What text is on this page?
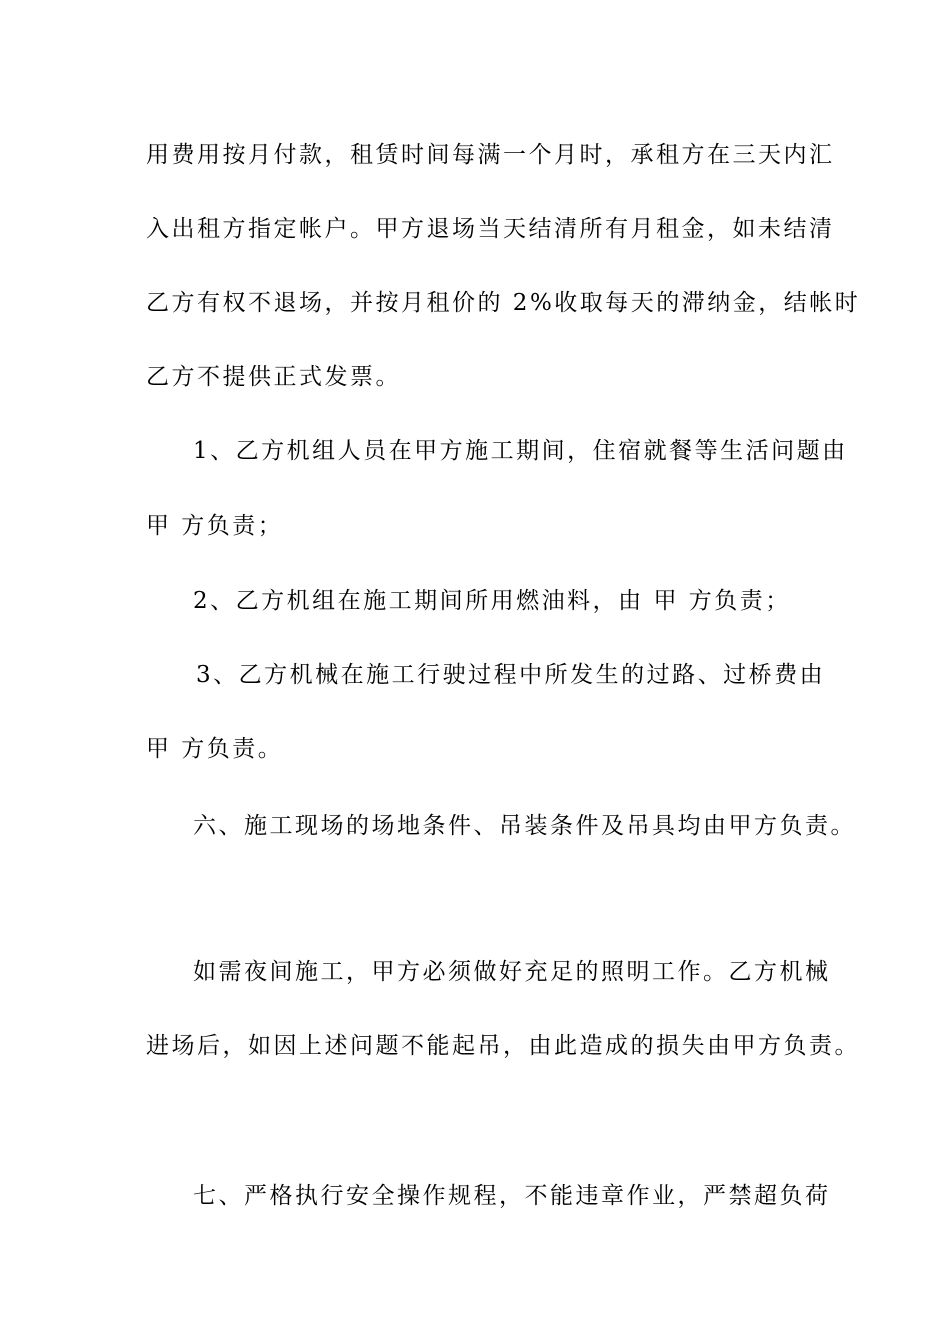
用费用按月付款，租赁时间每满一个月时，承租方在三天内汇
入出租方指定帐户。甲方退场当天结清所有月租金，如未结清
乙方有权不退场，并按月租价的 2%收取每天的滞纳金，结帐时
乙方不提供正式发票。
1、乙方机组人员在甲方施工期间，住宿就餐等生活问题由
甲 方负责；
2、乙方机组在施工期间所用燃油料，由 甲 方负责；
3、乙方机械在施工行驶过程中所发生的过路、过桥费由
甲 方负责。
六、施工现场的场地条件、吊装条件及吊具均由甲方负责。
如需夜间施工，甲方必须做好充足的照明工作。乙方机械
进场后，如因上述问题不能起吊，由此造成的损失由甲方负责。
七、严格执行安全操作规程，不能违章作业，严禁超负荷
